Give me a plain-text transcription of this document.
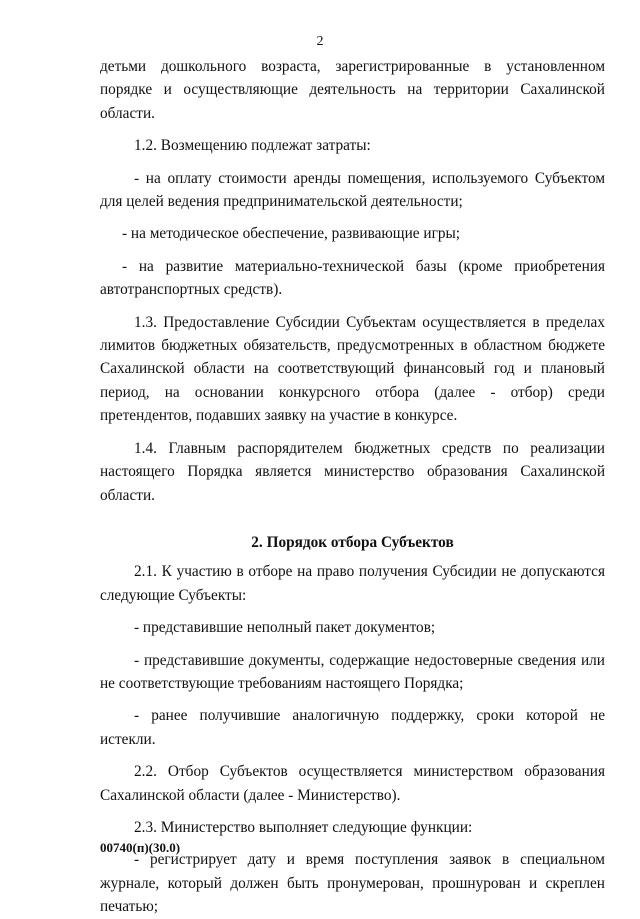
2

детьми дошкольного возраста, зарегистрированные в установленном порядке и осуществляющие деятельность на территории Сахалинской области.

1.2. Возмещению подлежат затраты:

- на оплату стоимости аренды помещения, используемого Субъектом для целей ведения предпринимательской деятельности;

- на методическое обеспечение, развивающие игры;

- на развитие материально-технической базы (кроме приобретения автотранспортных средств).

1.3. Предоставление Субсидии Субъектам осуществляется в пределах лимитов бюджетных обязательств, предусмотренных в областном бюджете Сахалинской области на соответствующий финансовый год и плановый период, на основании конкурсного отбора (далее - отбор) среди претендентов, подавших заявку на участие в конкурсе.

1.4. Главным распорядителем бюджетных средств по реализации настоящего Порядка является министерство образования Сахалинской области.

2. Порядок отбора Субъектов

2.1. К участию в отборе на право получения Субсидии не допускаются следующие Субъекты:

- представившие неполный пакет документов;

- представившие документы, содержащие недостоверные сведения или не соответствующие требованиям настоящего Порядка;

- ранее получившие аналогичную поддержку, сроки которой не истекли.

2.2. Отбор Субъектов осуществляется министерством образования Сахалинской области (далее - Министерство).

2.3. Министерство выполняет следующие функции:

- регистрирует дату и время поступления заявок в специальном журнале, который должен быть пронумерован, прошнурован и скреплен печатью;

00740(п)(30.0)
